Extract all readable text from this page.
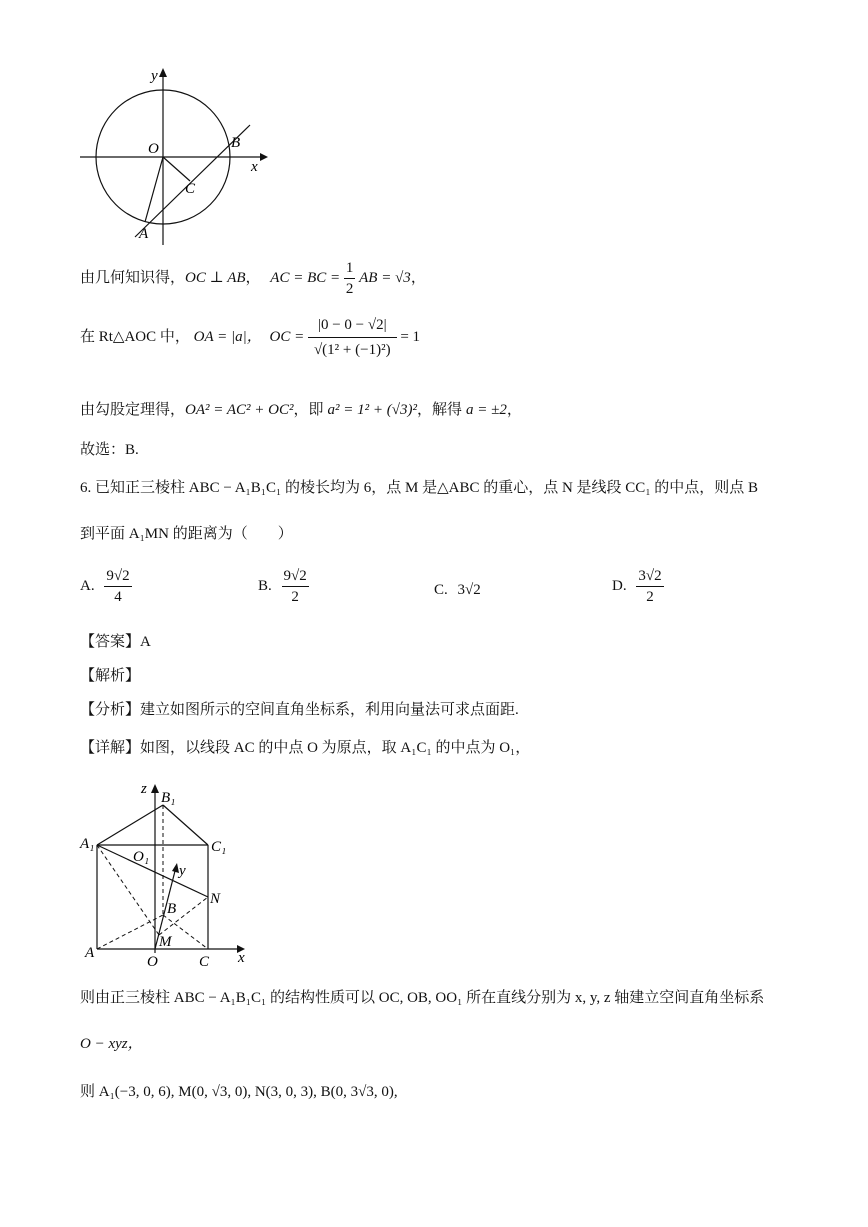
y
x
O	B
C
A
由几何知识得，OC ⊥ AB， AC = BC = $\frac{1}{2}$ AB = √3，
在 Rt△AOC 中， OA = |a|， OC = $\frac{|0 - 0 - √2|}{\text{√(1² + (−1)²)}} = 1$
由勾股定理得，OA² = AC² + OC²，即 a² = 1² + (√3)²，解得 a = ±2，
故选：B.
6. 已知正三棱柱 ABC − A₁B₁C₁ 的棱长均为 6，点 M 是△ABC 的重心，点 N 是线段 CC₁ 的中点，则点 B
到平面 A₁MN 的距离为（　　）
A. $\frac{9√2}{4}$	B. $\frac{9√2}{2}$	C. 3√2	D. $\frac{3√2}{2}$
【答案】A
【解析】
【分析】建立如图所示的空间直角坐标系，利用向量法可求点面距.
【详解】如图，以线段 AC 的中点 O 为原点，取 A₁C₁ 的中点为 O₁，
z
B₁
A₁	C₁
O₁
y
N
B
M
A
O	C x
则由正三棱柱 ABC − A₁B₁C₁ 的结构性质可以 OC, OB, OO₁ 所在直线分别为 x, y, z 轴建立空间直角坐标系
O − xyz，
则 A₁(−3, 0, 6), M(0, √3, 0), N(3, 0, 3), B(0, 3√3, 0),
